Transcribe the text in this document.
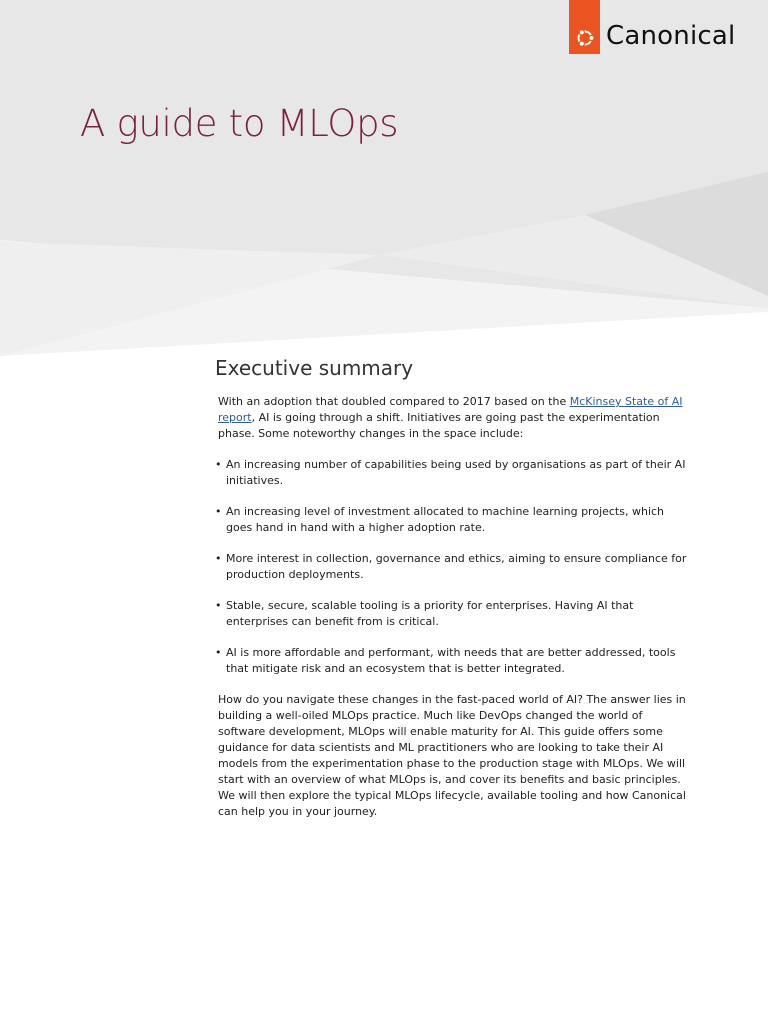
Canonical
A guide to MLOps
Executive summary

With an adoption that doubled compared to 2017 based on the McKinsey State of AI report, AI is going through a shift. Initiatives are going past the experimentation phase. Some noteworthy changes in the space include:

• An increasing number of capabilities being used by organisations as part of their AI initiatives.
• An increasing level of investment allocated to machine learning projects, which goes hand in hand with a higher adoption rate.
• More interest in collection, governance and ethics, aiming to ensure compliance for production deployments.
• Stable, secure, scalable tooling is a priority for enterprises. Having AI that enterprises can benefit from is critical.
• AI is more affordable and performant, with needs that are better addressed, tools that mitigate risk and an ecosystem that is better integrated.

How do you navigate these changes in the fast-paced world of AI? The answer lies in building a well-oiled MLOps practice. Much like DevOps changed the world of software development, MLOps will enable maturity for AI. This guide offers some guidance for data scientists and ML practitioners who are looking to take their AI models from the experimentation phase to the production stage with MLOps. We will start with an overview of what MLOps is, and cover its benefits and basic principles. We will then explore the typical MLOps lifecycle, available tooling and how Canonical can help you in your journey.
